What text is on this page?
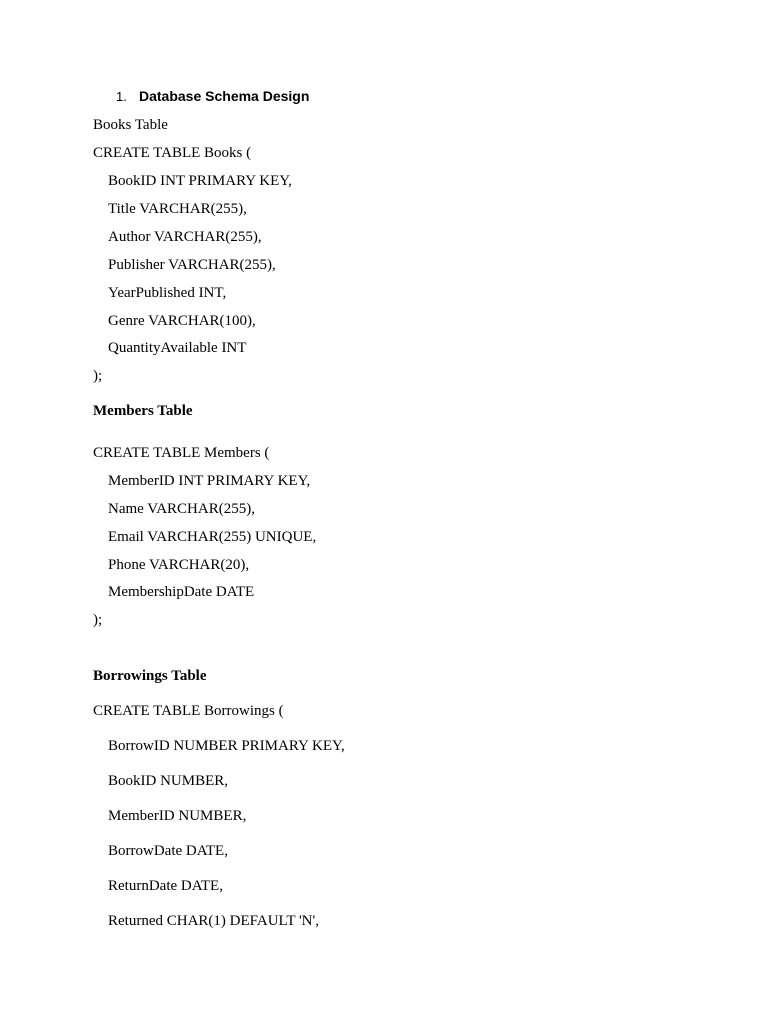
1. Database Schema Design
Books Table
CREATE TABLE Books (
BookID INT PRIMARY KEY,
Title VARCHAR(255),
Author VARCHAR(255),
Publisher VARCHAR(255),
YearPublished INT,
Genre VARCHAR(100),
QuantityAvailable INT
);
Members Table
CREATE TABLE Members (
MemberID INT PRIMARY KEY,
Name VARCHAR(255),
Email VARCHAR(255) UNIQUE,
Phone VARCHAR(20),
MembershipDate DATE
);
Borrowings Table
CREATE TABLE Borrowings (
BorrowID NUMBER PRIMARY KEY,
BookID NUMBER,
MemberID NUMBER,
BorrowDate DATE,
ReturnDate DATE,
Returned CHAR(1) DEFAULT 'N',
